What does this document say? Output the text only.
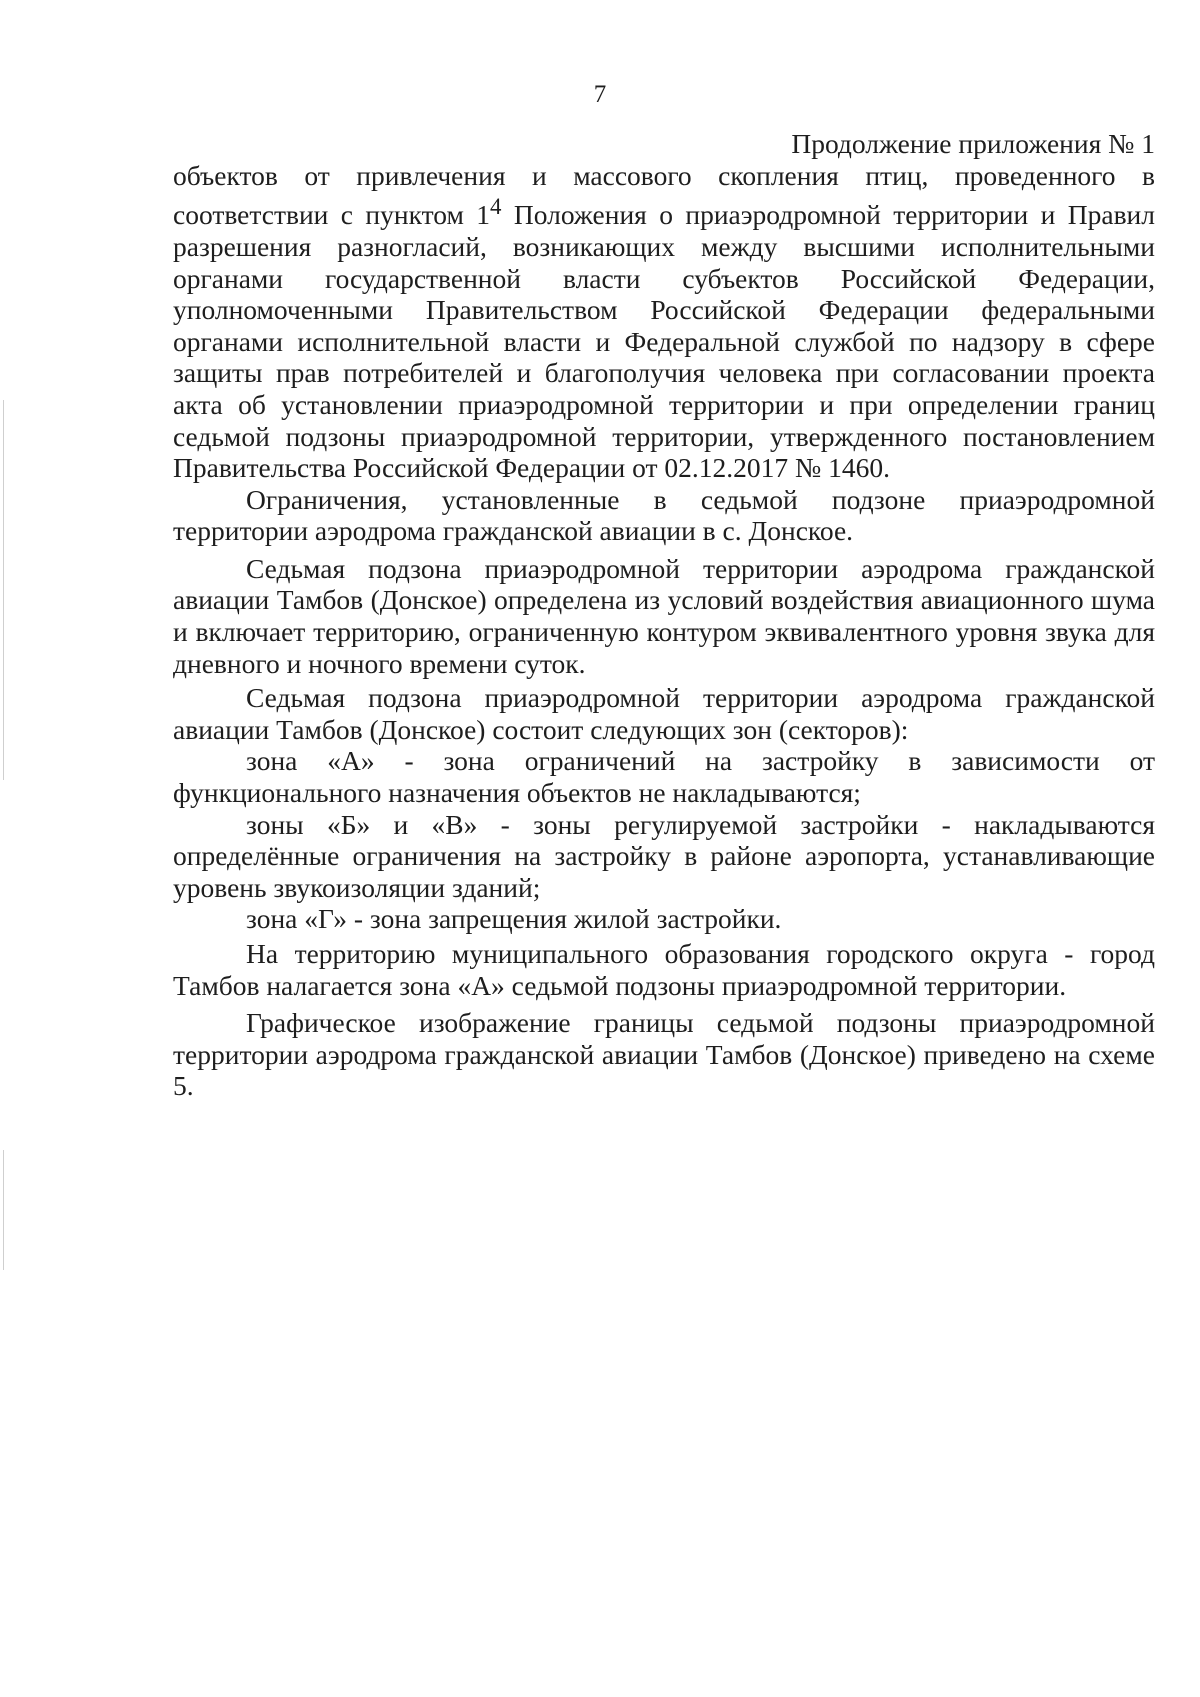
7

Продолжение приложения № 1

объектов от привлечения и массового скопления птиц, проведенного в соответствии с пунктом $1^4$ Положения о приаэродромной территории и Правил разрешения разногласий, возникающих между высшими исполнительными органами государственной власти субъектов Российской Федерации, уполномоченными Правительством Российской Федерации федеральными органами исполнительной власти и Федеральной службой по надзору в сфере защиты прав потребителей и благополучия человека при согласовании проекта акта об установлении приаэродромной территории и при определении границ седьмой подзоны приаэродромной территории, утвержденного постановлением Правительства Российской Федерации от 02.12.2017 № 1460.

Ограничения, установленные в седьмой подзоне приаэродромной территории аэродрома гражданской авиации в с. Донское.

Седьмая подзона приаэродромной территории аэродрома гражданской авиации Тамбов (Донское) определена из условий воздействия авиационного шума и включает территорию, ограниченную контуром эквивалентного уровня звука для дневного и ночного времени суток.

Седьмая подзона приаэродромной территории аэродрома гражданской авиации Тамбов (Донское) состоит следующих зон (секторов):

зона «А» - зона ограничений на застройку в зависимости от функционального назначения объектов не накладываются;

зоны «Б» и «В» - зоны регулируемой застройки - накладываются определённые ограничения на застройку в районе аэропорта, устанавливающие уровень звукоизоляции зданий;

зона «Г» - зона запрещения жилой застройки.

На территорию муниципального образования городского округа - город Тамбов налагается зона «А» седьмой подзоны приаэродромной территории.

Графическое изображение границы седьмой подзоны приаэродромной территории аэродрома гражданской авиации Тамбов (Донское) приведено на схеме 5.
